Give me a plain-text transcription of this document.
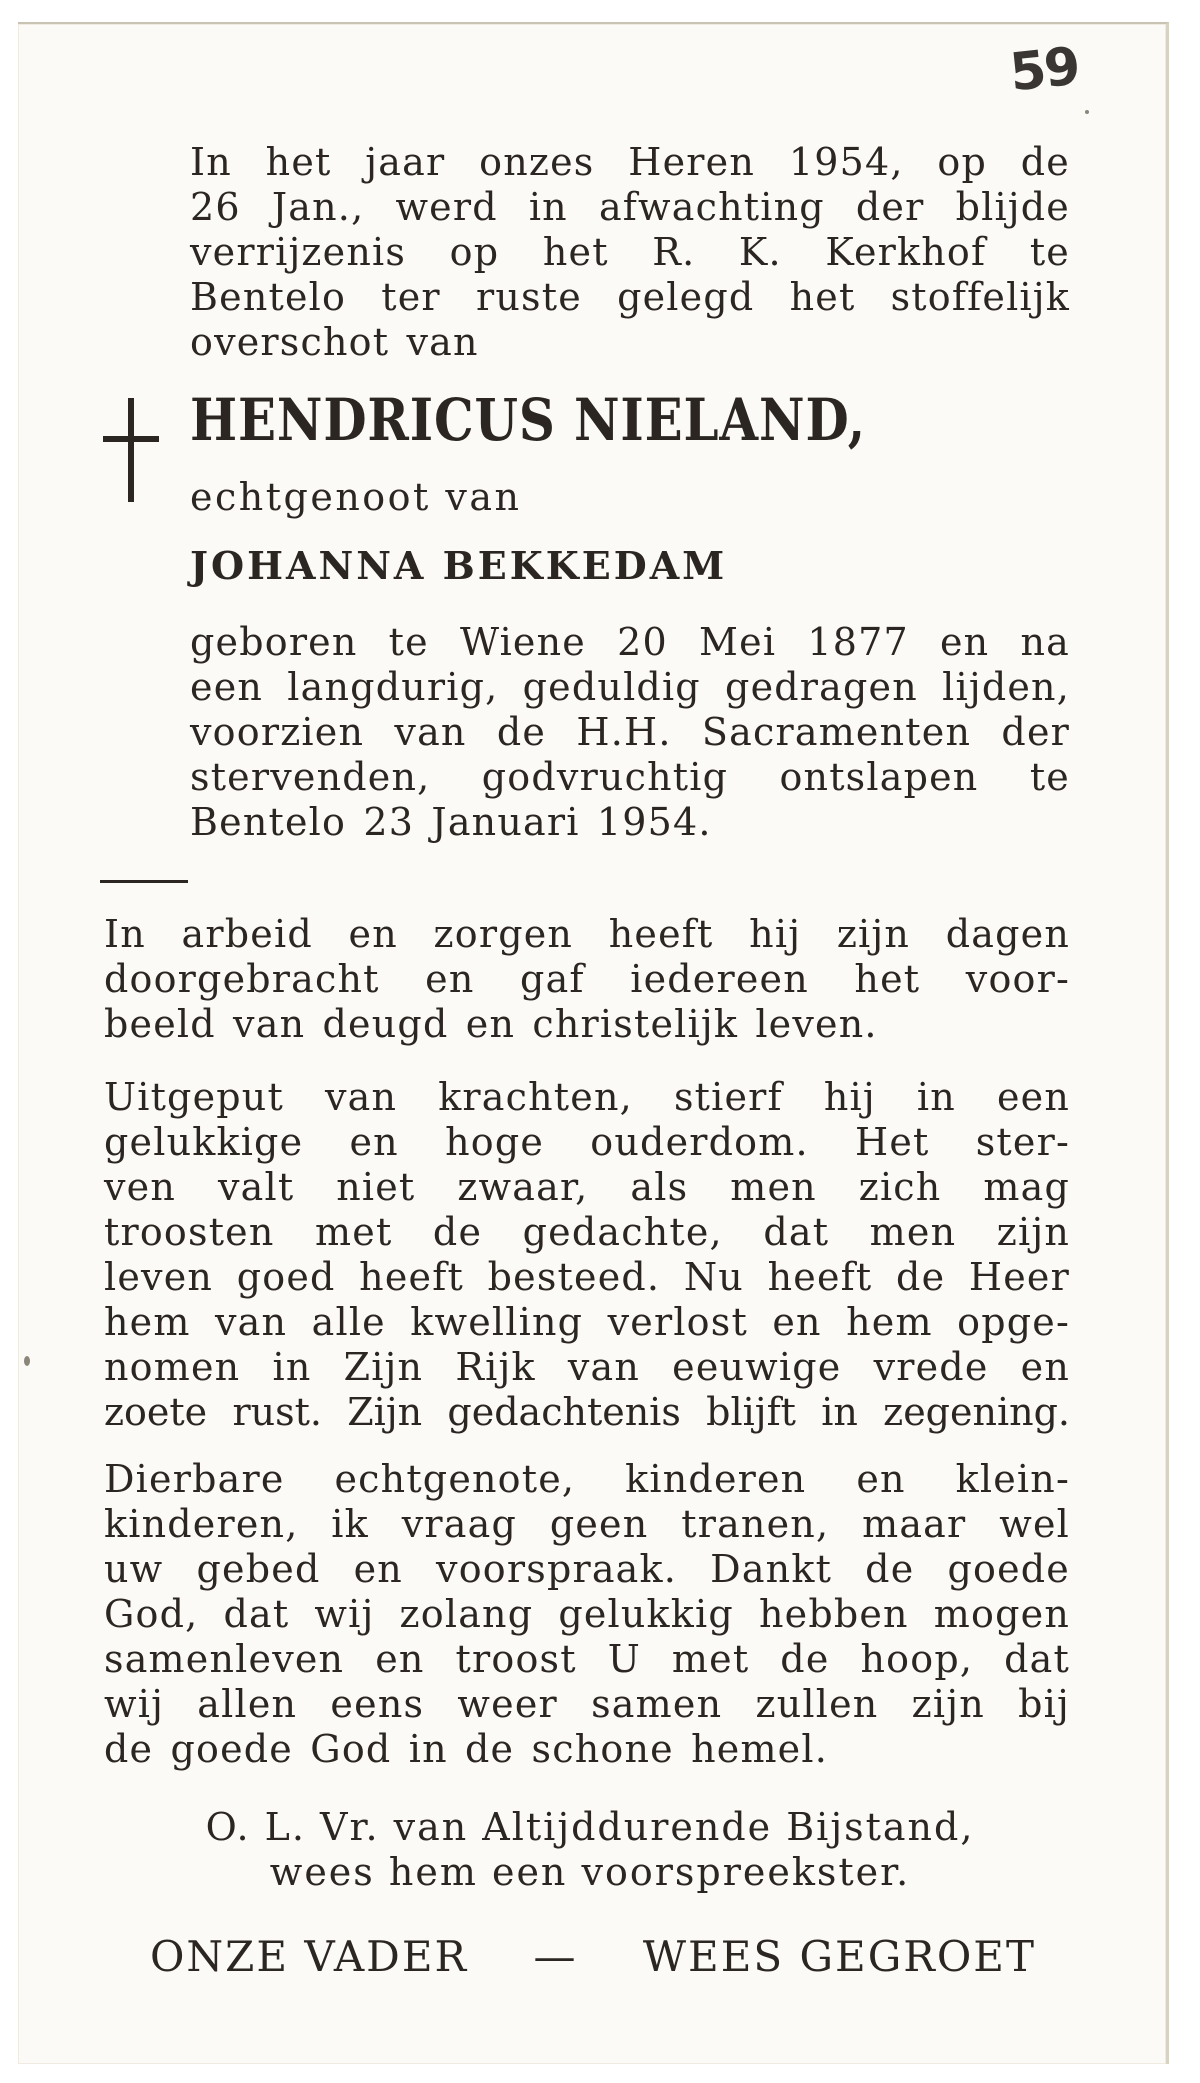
59
In het jaar onzes Heren 1954, op de
26 Jan., werd in afwachting der blijde
verrijzenis op het R. K. Kerkhof te
Bentelo ter ruste gelegd het stoffelijk
overschot van
HENDRICUS NIELAND,
echtgenoot van
JOHANNA BEKKEDAM
geboren te Wiene 20 Mei 1877 en na
een langdurig, geduldig gedragen lijden,
voorzien van de H.H. Sacramenten der
stervenden, godvruchtig ontslapen te
Bentelo 23 Januari 1954.
In arbeid en zorgen heeft hij zijn dagen
doorgebracht en gaf iedereen het voor-
beeld van deugd en christelijk leven.
Uitgeput van krachten, stierf hij in een
gelukkige en hoge ouderdom. Het ster-
ven valt niet zwaar, als men zich mag
troosten met de gedachte, dat men zijn
leven goed heeft besteed. Nu heeft de Heer
hem van alle kwelling verlost en hem opge-
nomen in Zijn Rijk van eeuwige vrede en
zoete rust. Zijn gedachtenis blijft in zegening.
Dierbare echtgenote, kinderen en klein-
kinderen, ik vraag geen tranen, maar wel
uw gebed en voorspraak. Dankt de goede
God, dat wij zolang gelukkig hebben mogen
samenleven en troost U met de hoop, dat
wij allen eens weer samen zullen zijn bij
de goede God in de schone hemel.
O. L. Vr. van Altijddurende Bijstand,
wees hem een voorspreekster.
ONZE VADER — WEES GEGROET
